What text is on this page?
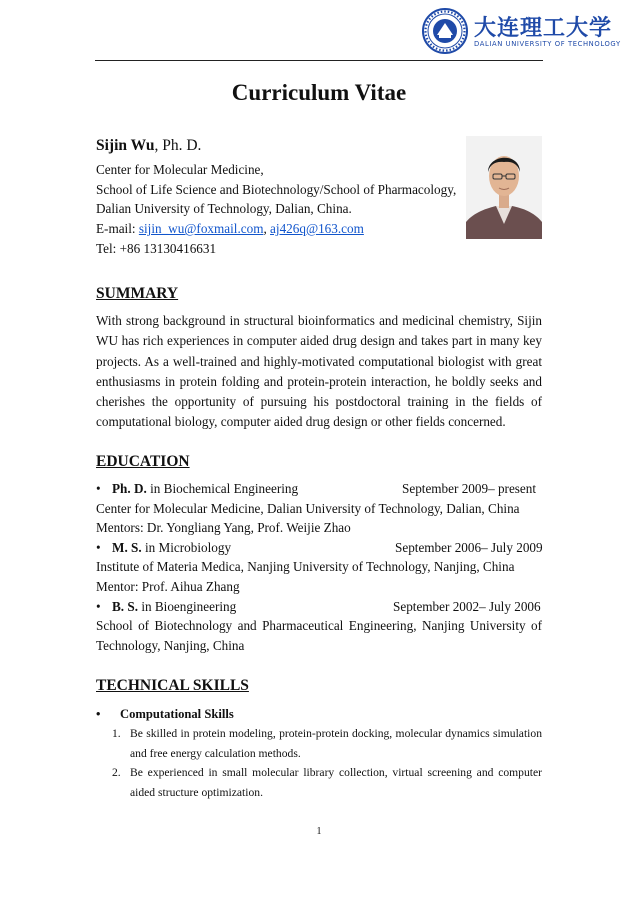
大连理工大学
DALIAN UNIVERSITY OF TECHNOLOGY
Curriculum Vitae
Sijin Wu, Ph. D.
Center for Molecular Medicine,
School of Life Science and Biotechnology/School of Pharmacology,
Dalian University of Technology, Dalian, China.
E-mail: sijin_wu@foxmail.com, aj426q@163.com
Tel: +86 13130416631
SUMMARY
With strong background in structural bioinformatics and medicinal chemistry, Sijin WU has rich experiences in computer aided drug design and takes part in many key projects. As a well-trained and highly-motivated computational biologist with great enthusiasms in protein folding and protein-protein interaction, he boldly seeks and cherishes the opportunity of pursuing his postdoctoral training in the fields of computational biology, computer aided drug design or other fields concerned.
EDUCATION
• Ph. D. in Biochemical Engineering	September 2009– present
Center for Molecular Medicine, Dalian University of Technology, Dalian, China
Mentors: Dr. Yongliang Yang, Prof. Weijie Zhao
• M. S. in Microbiology	September 2006– July 2009
Institute of Materia Medica, Nanjing University of Technology, Nanjing, China
Mentor: Prof. Aihua Zhang
• B. S. in Bioengineering	September 2002– July 2006
School of Biotechnology and Pharmaceutical Engineering, Nanjing University of
Technology, Nanjing, China
TECHNICAL SKILLS
• Computational Skills
1. Be skilled in protein modeling, protein-protein docking, molecular dynamics simulation and free energy calculation methods.
2. Be experienced in small molecular library collection, virtual screening and computer aided structure optimization.
1
